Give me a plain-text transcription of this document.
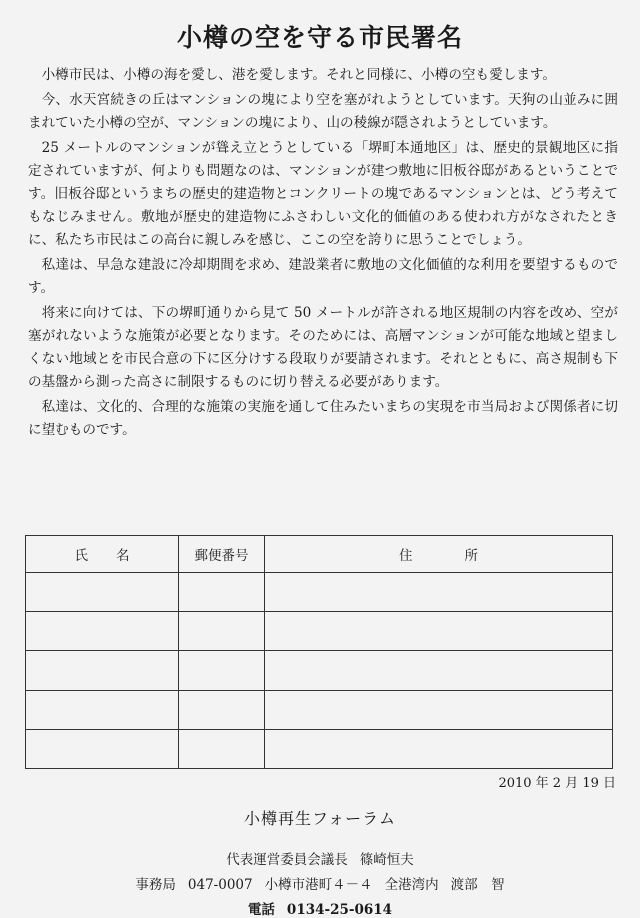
小樽の空を守る市民署名

小樽市民は、小樽の海を愛し、港を愛します。それと同様に、小樽の空も愛します。

今、水天宮続きの丘はマンションの塊により空を塞がれようとしています。天狗の山並みに囲まれていた小樽の空が、マンションの塊により、山の稜線が隠されようとしています。

25 メートルのマンションが聳え立とうとしている「堺町本通地区」は、歴史的景観地区に指定されていますが、何よりも問題なのは、マンションが建つ敷地に旧板谷邸があるということです。旧板谷邸というまちの歴史的建造物とコンクリートの塊であるマンションとは、どう考えてもなじみません。敷地が歴史的建造物にふさわしい文化的価値のある使われ方がなされたときに、私たち市民はこの高台に親しみを感じ、ここの空を誇りに思うことでしょう。

私達は、早急な建設に冷却期間を求め、建設業者に敷地の文化価値的な利用を要望するものです。

将来に向けては、下の堺町通りから見て 50 メートルが許される地区規制の内容を改め、空が塞がれないような施策が必要となります。そのためには、高層マンションが可能な地域と望ましくない地域とを市民合意の下に区分けする段取りが要請されます。それとともに、高さ規制も下の基盤から測った高さに制限するものに切り替える必要があります。

私達は、文化的、合理的な施策の実施を通して住みたいまちの実現を市当局および関係者に切に望むものです。

氏名	郵便番号	住所

2010 年 2 月 19 日
小樽再生フォーラム
代表運営委員会議長 篠崎恒夫
事務局 047-0007 小樽市港町４－４ 全港湾内 渡部　智
電話 0134-25-0614
